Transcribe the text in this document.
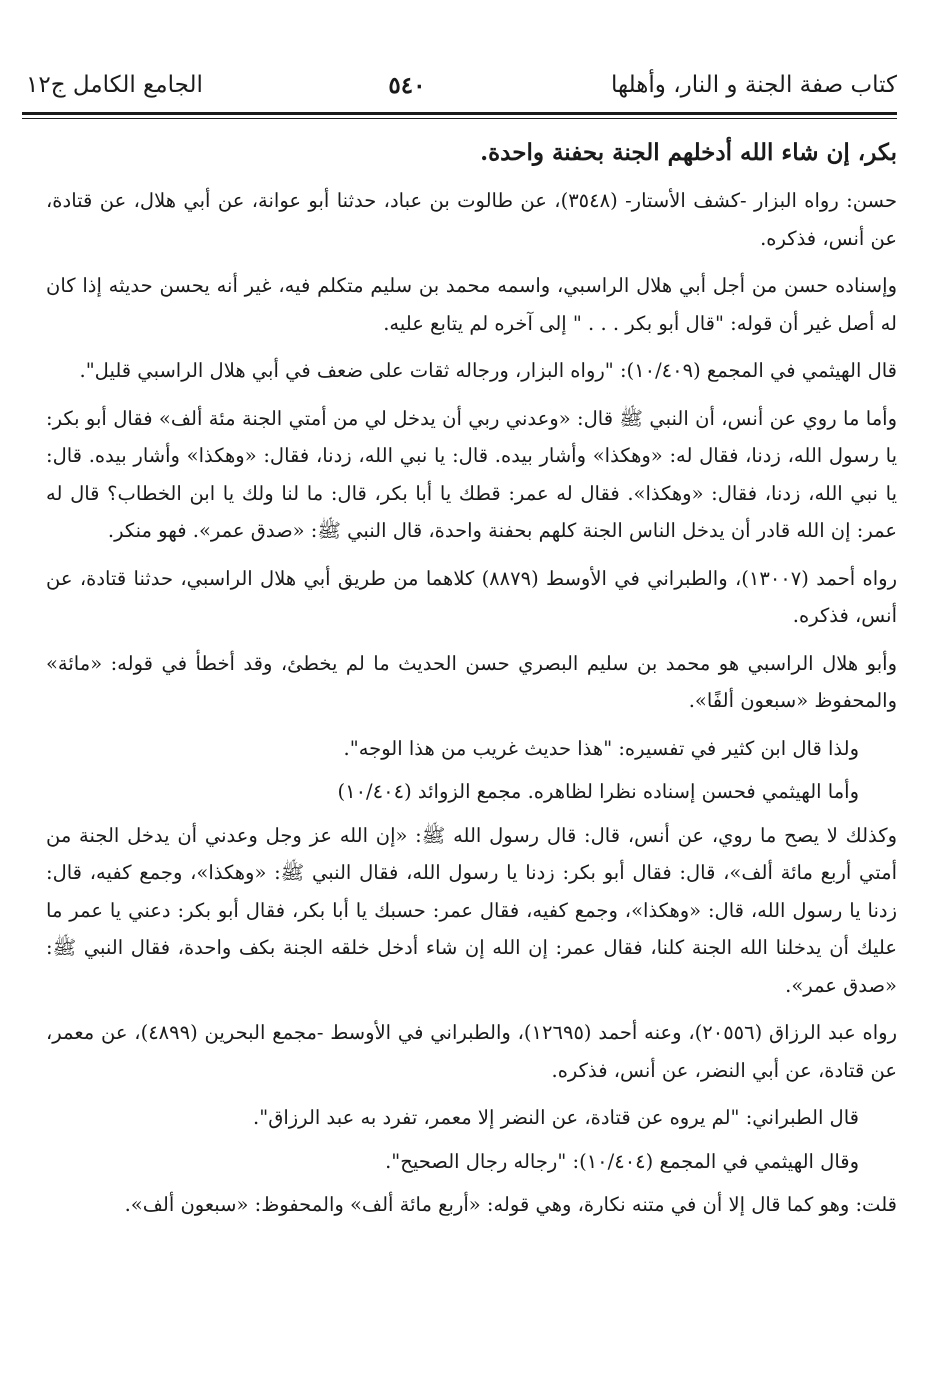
كتاب صفة الجنة و النار، وأهلها
٥٤٠
الجامع الكامل ج١٢

بكر، إن شاء الله أدخلهم الجنة بحفنة واحدة.

حسن: رواه البزار -كشف الأستار- (٣٥٤٨)، عن طالوت بن عباد، حدثنا أبو عوانة، عن أبي هلال، عن قتادة، عن أنس، فذكره.

وإسناده حسن من أجل أبي هلال الراسبي، واسمه محمد بن سليم متكلم فيه، غير أنه يحسن حديثه إذا كان له أصل غير أن قوله: "قال أبو بكر . . . " إلى آخره لم يتابع عليه.

قال الهيثمي في المجمع (١٠/٤٠٩): "رواه البزار، ورجاله ثقات على ضعف في أبي هلال الراسبي قليل".

وأما ما روي عن أنس، أن النبي ﷺ قال: «وعدني ربي أن يدخل لي من أمتي الجنة مئة ألف» فقال أبو بكر: يا رسول الله، زدنا، فقال له: «وهكذا» وأشار بيده. قال: يا نبي الله، زدنا، فقال: «وهكذا» وأشار بيده. قال: يا نبي الله، زدنا، فقال: «وهكذا». فقال له عمر: قطك يا أبا بكر، قال: ما لنا ولك يا ابن الخطاب؟ قال له عمر: إن الله قادر أن يدخل الناس الجنة كلهم بحفنة واحدة، قال النبي ﷺ: «صدق عمر». فهو منكر.

رواه أحمد (١٣٠٠٧)، والطبراني في الأوسط (٨٨٧٩) كلاهما من طريق أبي هلال الراسبي، حدثنا قتادة، عن أنس، فذكره.

وأبو هلال الراسبي هو محمد بن سليم البصري حسن الحديث ما لم يخطئ، وقد أخطأ في قوله: «مائة» والمحفوظ «سبعون ألفًا».

ولذا قال ابن كثير في تفسيره: "هذا حديث غريب من هذا الوجه".

وأما الهيثمي فحسن إسناده نظرا لظاهره. مجمع الزوائد (١٠/٤٠٤)

وكذلك لا يصح ما روي، عن أنس، قال: قال رسول الله ﷺ: «إن الله عز وجل وعدني أن يدخل الجنة من أمتي أربع مائة ألف»، قال: فقال أبو بكر: زدنا يا رسول الله، فقال النبي ﷺ: «وهكذا»، وجمع كفيه، قال: زدنا يا رسول الله، قال: «وهكذا»، وجمع كفيه، فقال عمر: حسبك يا أبا بكر، فقال أبو بكر: دعني يا عمر ما عليك أن يدخلنا الله الجنة كلنا، فقال عمر: إن الله إن شاء أدخل خلقه الجنة بكف واحدة، فقال النبي ﷺ: «صدق عمر».

رواه عبد الرزاق (٢٠٥٥٦)، وعنه أحمد (١٢٦٩٥)، والطبراني في الأوسط -مجمع البحرين (٤٨٩٩)، عن معمر، عن قتادة، عن أبي النضر، عن أنس، فذكره.

قال الطبراني: "لم يروه عن قتادة، عن النضر إلا معمر، تفرد به عبد الرزاق".

وقال الهيثمي في المجمع (١٠/٤٠٤): "رجاله رجال الصحيح".

قلت: وهو كما قال إلا أن في متنه نكارة، وهي قوله: «أربع مائة ألف» والمحفوظ: «سبعون ألف».
